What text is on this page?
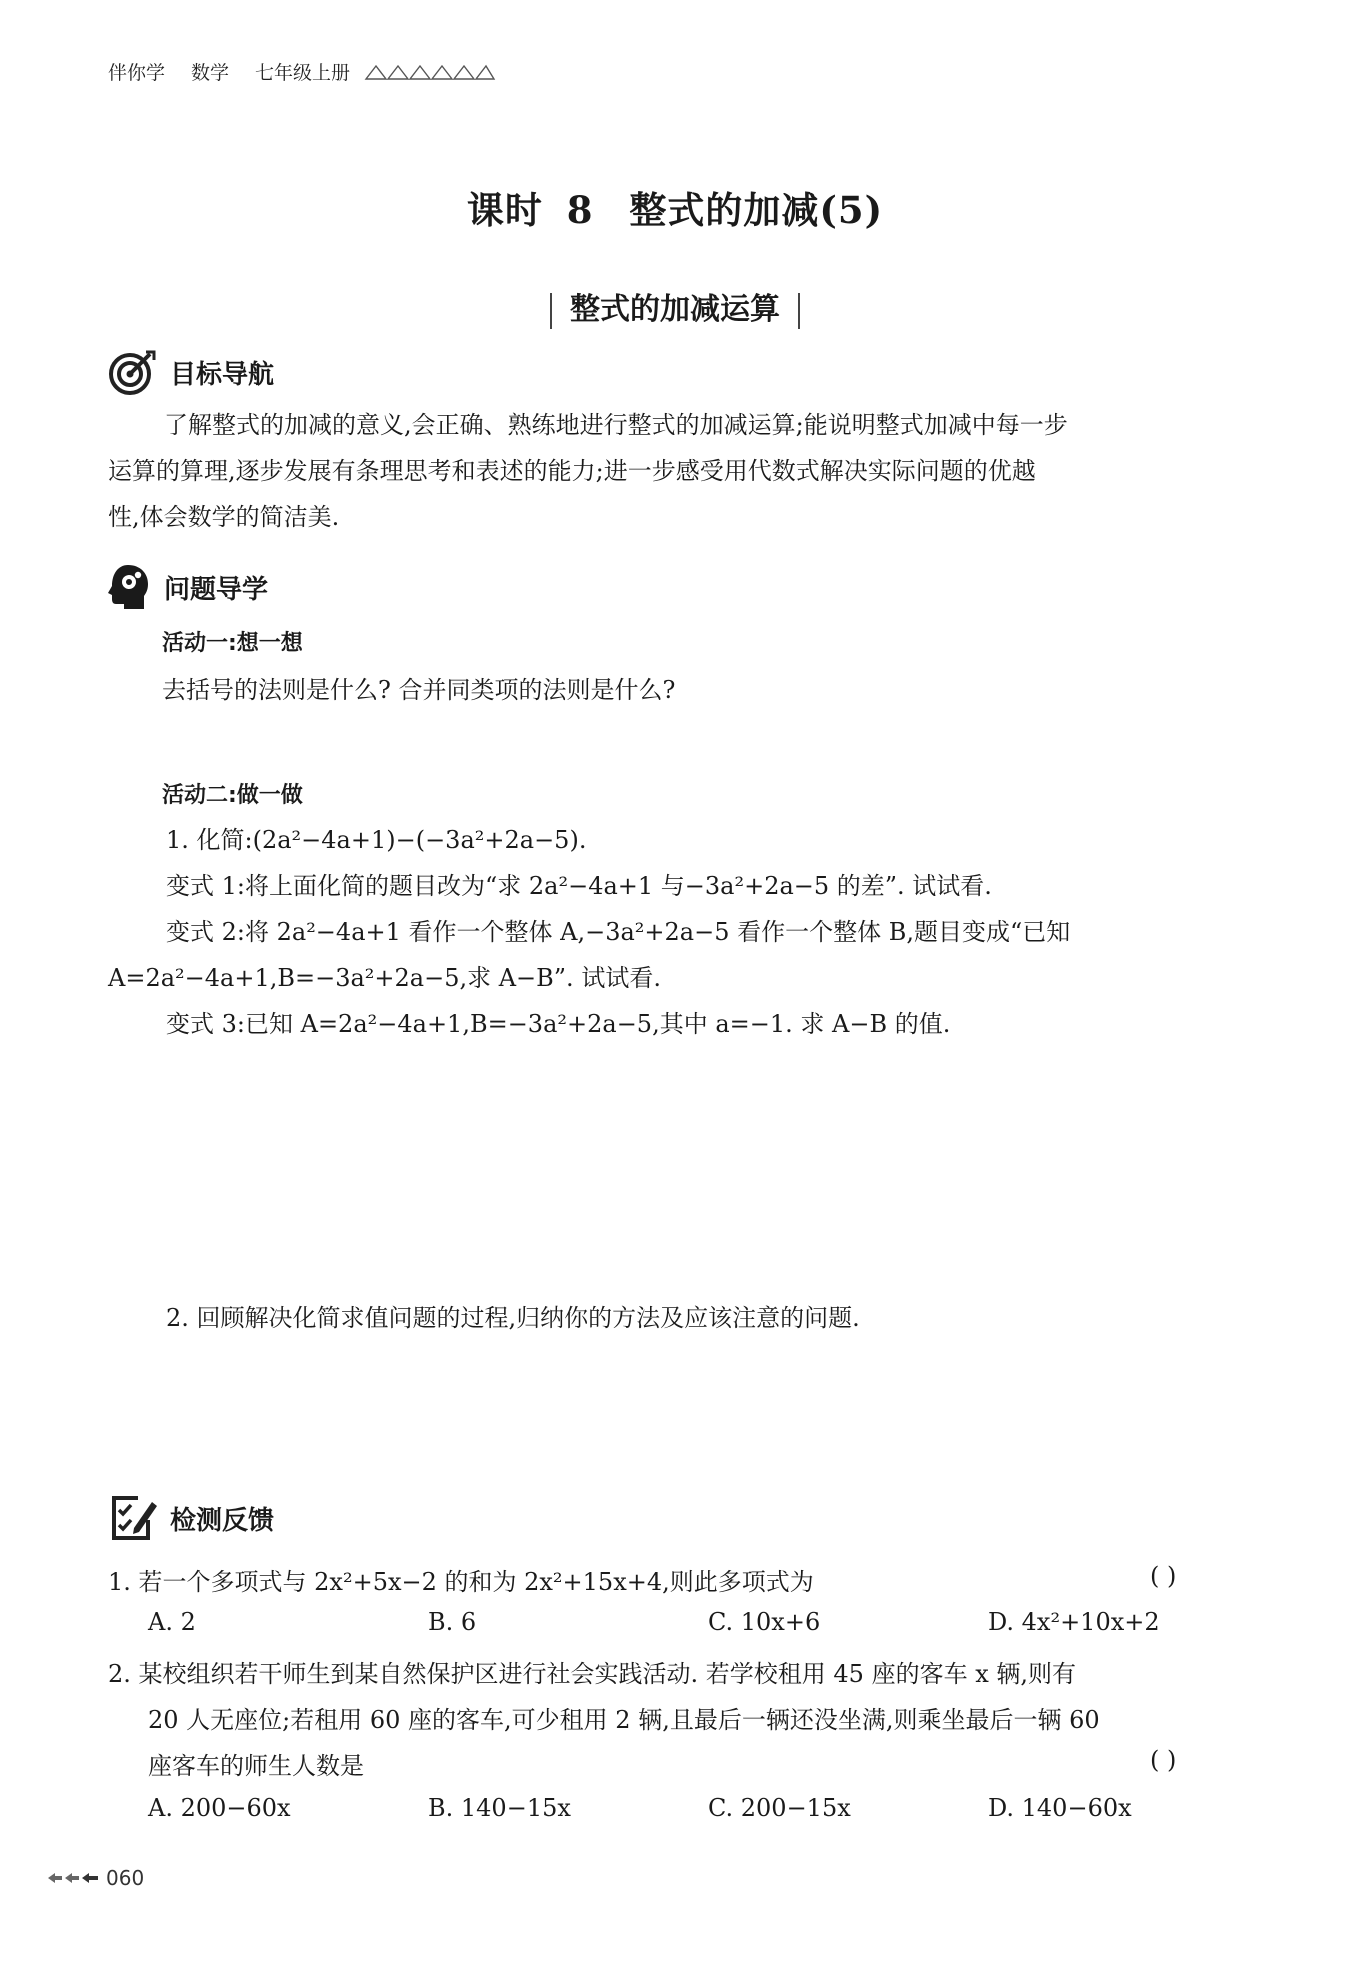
伴你学 数学 七年级上册
课时 8 整式的加减(5)
整式的加减运算
目标导航
了解整式的加减的意义,会正确、熟练地进行整式的加减运算;能说明整式加减中每一步
运算的算理,逐步发展有条理思考和表述的能力;进一步感受用代数式解决实际问题的优越
性,体会数学的简洁美.
问题导学
活动一:想一想
去括号的法则是什么? 合并同类项的法则是什么?
活动二:做一做
1. 化简:(2a²−4a+1)−(−3a²+2a−5).
变式 1:将上面化简的题目改为“求 2a²−4a+1 与−3a²+2a−5 的差”. 试试看.
变式 2:将 2a²−4a+1 看作一个整体 A,−3a²+2a−5 看作一个整体 B,题目变成“已知
A=2a²−4a+1,B=−3a²+2a−5,求 A−B”. 试试看.
变式 3:已知 A=2a²−4a+1,B=−3a²+2a−5,其中 a=−1. 求 A−B 的值.
2. 回顾解决化简求值问题的过程,归纳你的方法及应该注意的问题.
检测反馈
1. 若一个多项式与 2x²+5x−2 的和为 2x²+15x+4,则此多项式为	( )
A. 2	B. 6	C. 10x+6	D. 4x²+10x+2
2. 某校组织若干师生到某自然保护区进行社会实践活动. 若学校租用 45 座的客车 x 辆,则有
20 人无座位;若租用 60 座的客车,可少租用 2 辆,且最后一辆还没坐满,则乘坐最后一辆 60
座客车的师生人数是	( )
A. 200−60x	B. 140−15x	C. 200−15x	D. 140−60x
060
